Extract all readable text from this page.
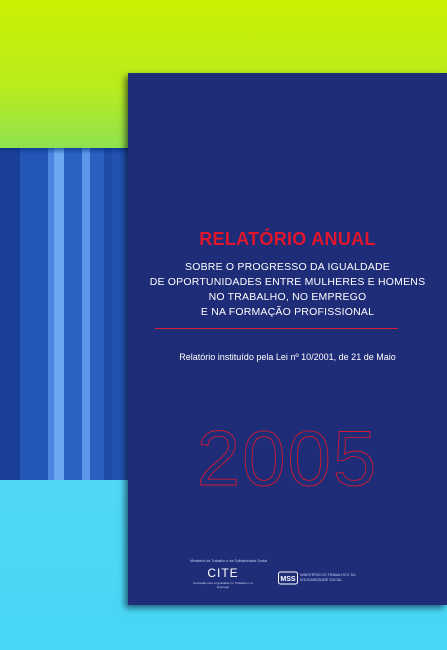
RELATÓRIO ANUAL
SOBRE O PROGRESSO DA IGUALDADE
DE OPORTUNIDADES ENTRE MULHERES E HOMENS
NO TRABALHO, NO EMPREGO
E NA FORMAÇÃO PROFISSIONAL
Relatório instituído pela Lei nº 10/2001, de 21 de Maio
2005
Ministério do Trabalho e da Solidariedade Social
CITE
Comissão para a Igualdade no Trabalho e no Emprego
MSS
MINISTÉRIO DO TRABALHO E DA SOLIDARIEDADE SOCIAL
